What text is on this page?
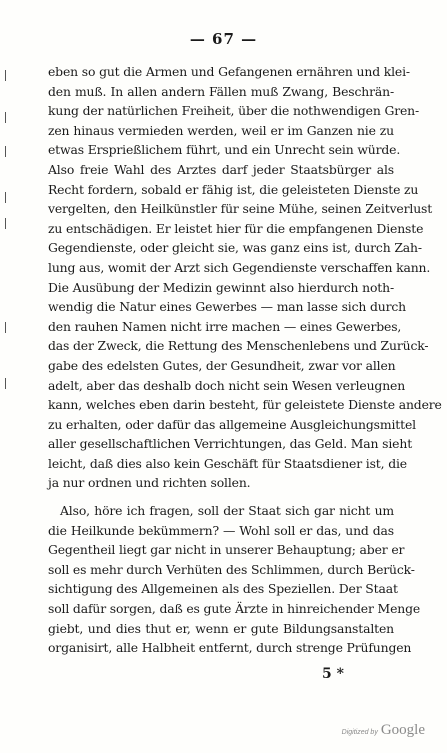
— 67 —
eben so gut die Armen und Gefangenen ernähren und klei-
den muß. In allen andern Fällen muß Zwang, Beschrän-
kung der natürlichen Freiheit, über die nothwendigen Gren-
zen hinaus vermieden werden, weil er im Ganzen nie zu
etwas Ersprießlichem führt, und ein Unrecht sein würde.
Also freie Wahl des Arztes darf jeder Staatsbürger als
Recht fordern, sobald er fähig ist, die geleisteten Dienste zu
vergelten, den Heilkünstler für seine Mühe, seinen Zeitverlust
zu entschädigen. Er leistet hier für die empfangenen Dienste
Gegendienste, oder gleicht sie, was ganz eins ist, durch Zah-
lung aus, womit der Arzt sich Gegendienste verschaffen kann.
Die Ausübung der Medizin gewinnt also hierdurch noth-
wendig die Natur eines Gewerbes — man lasse sich durch
den rauhen Namen nicht irre machen — eines Gewerbes,
das der Zweck, die Rettung des Menschenlebens und Zurück-
gabe des edelsten Gutes, der Gesundheit, zwar vor allen
adelt, aber das deshalb doch nicht sein Wesen verleugnen
kann, welches eben darin besteht, für geleistete Dienste andere
zu erhalten, oder dafür das allgemeine Ausgleichungsmittel
aller gesellschaftlichen Verrichtungen, das Geld. Man sieht
leicht, daß dies also kein Geschäft für Staatsdiener ist, die
ja nur ordnen und richten sollen.
Also, höre ich fragen, soll der Staat sich gar nicht um
die Heilkunde bekümmern? — Wohl soll er das, und das
Gegentheil liegt gar nicht in unserer Behauptung; aber er
soll es mehr durch Verhüten des Schlimmen, durch Berück-
sichtigung des Allgemeinen als des Speziellen. Der Staat
soll dafür sorgen, daß es gute Ärzte in hinreichender Menge
giebt, und dies thut er, wenn er gute Bildungsanstalten
organisirt, alle Halbheit entfernt, durch strenge Prüfungen
5 *
Digitized by Google
